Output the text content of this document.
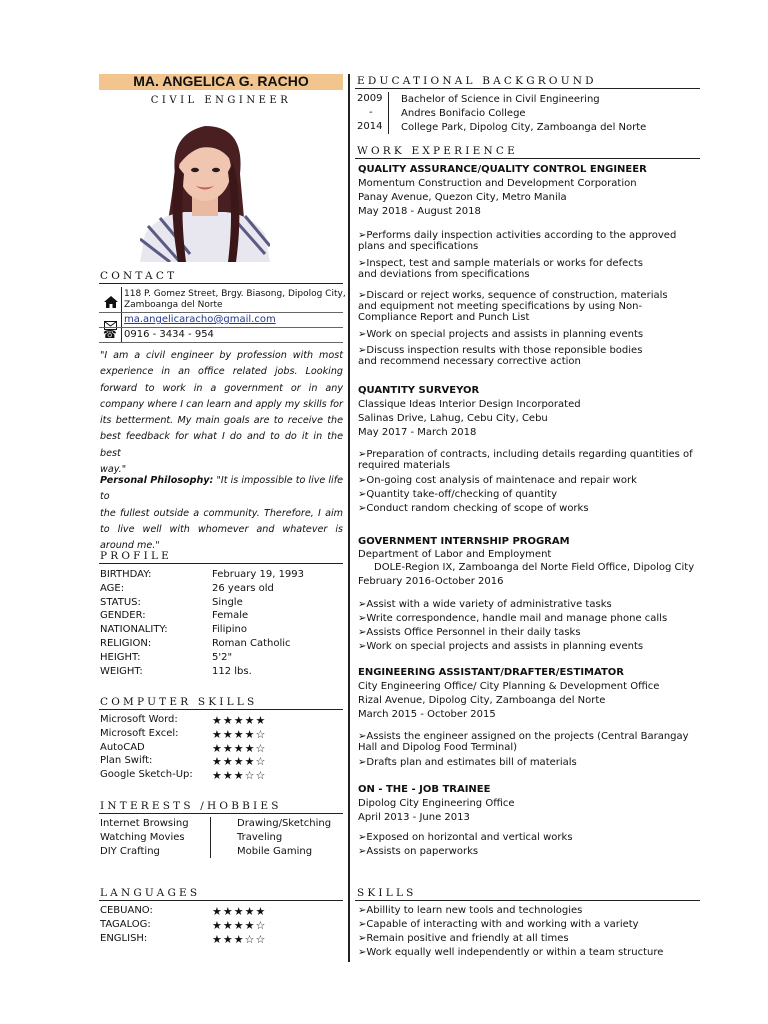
MA. ANGELICA G. RACHO
CIVIL ENGINEER
CONTACT
118 P. Gomez Street, Brgy. Biasong, Dipolog City,
Zamboanga del Norte
ma.angelicaracho@gmail.com
☎ 0916 - 3434 - 954
"I am a civil engineer by profession with most
experience in an office related jobs. Looking
forward to work in a government or in any
company where I can learn and apply my skills for
its betterment. My main goals are to receive the
best feedback for what I do and to do it in the best
way."
Personal Philosophy: "It is impossible to live life to
the fullest outside a community. Therefore, I aim
to live well with whomever and whatever is
around me."
PROFILE
BIRTHDAY:	February 19, 1993
AGE:	26 years old
STATUS:	Single
GENDER:	Female
NATIONALITY:	Filipino
RELIGION:	Roman Catholic
HEIGHT:	5'2"
WEIGHT:	112 lbs.
COMPUTER SKILLS
Microsoft Word:	★★★★★
Microsoft Excel:	★★★★☆
AutoCAD	★★★★☆
Plan Swift:	★★★★☆
Google Sketch-Up: ★★★☆☆
INTERESTS /HOBBIES
Internet Browsing
Watching Movies
DIY Crafting
Drawing/Sketching
Traveling
Mobile Gaming
LANGUAGES
CEBUANO:	★★★★★
TAGALOG:	★★★★☆
ENGLISH:	★★★☆☆
EDUCATIONAL BACKGROUND
2009
-
2014
Bachelor of Science in Civil Engineering
Andres Bonifacio College
College Park, Dipolog City, Zamboanga del Norte
WORK EXPERIENCE
QUALITY ASSURANCE/QUALITY CONTROL ENGINEER
Momentum Construction and Development Corporation
Panay Avenue, Quezon City, Metro Manila
May 2018 - August 2018
➢Performs daily inspection activities according to the approved plans and specifications
➢Inspect, test and sample materials or works for defects and deviations from specifications
➢Discard or reject works, sequence of construction, materials and equipment not meeting specifications by using Non-Compliance Report and Punch List
➢Work on special projects and assists in planning events
➢Discuss inspection results with those reponsible bodies and recommend necessary corrective action
QUANTITY SURVEYOR
Classique Ideas Interior Design Incorporated
Salinas Drive, Lahug, Cebu City, Cebu
May 2017 - March 2018
➢Preparation of contracts, including details regarding quantities of required materials
➢On-going cost analysis of maintenace and repair work
➢Quantity take-off/checking of quantity
➢Conduct random checking of scope of works
GOVERNMENT INTERNSHIP PROGRAM
Department of Labor and Employment
DOLE-Region IX, Zamboanga del Norte Field Office, Dipolog City
February 2016-October 2016
➢Assist with a wide variety of administrative tasks
➢Write correspondence, handle mail and manage phone calls
➢Assists Office Personnel in their daily tasks
➢Work on special projects and assists in planning events
ENGINEERING ASSISTANT/DRAFTER/ESTIMATOR
City Engineering Office/ City Planning & Development Office
Rizal Avenue, Dipolog City, Zamboanga del Norte
March 2015 - October 2015
➢Assists the engineer assigned on the projects (Central Barangay Hall and Dipolog Food Terminal)
➢Drafts plan and estimates bill of materials
ON - THE - JOB TRAINEE
Dipolog City Engineering Office
April 2013 - June 2013
➢Exposed on horizontal and vertical works
➢Assists on paperworks
SKILLS
➢Abillity to learn new tools and technologies
➢Capable of interacting with and working with a variety
➢Remain positive and friendly at all times
➢Work equally well independently or within a team structure
